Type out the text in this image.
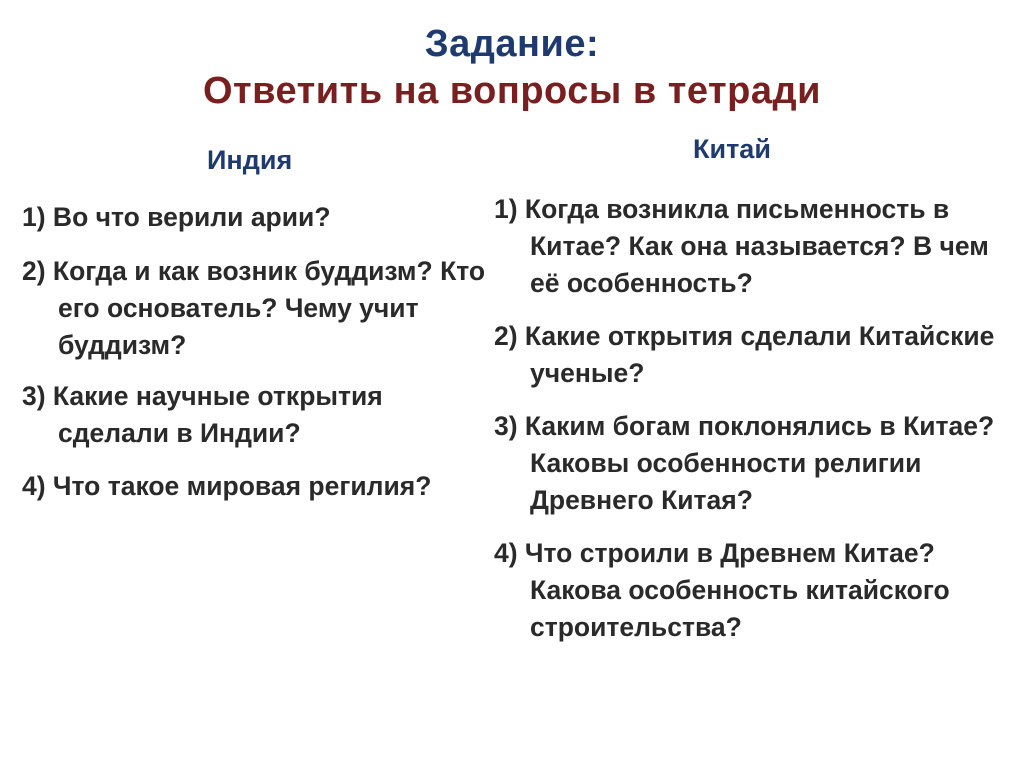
Задание:
Ответить на вопросы в тетради
Индия
1) Во что верили арии?
2) Когда и как возник буддизм? Кто его основатель? Чему учит буддизм?
3) Какие научные открытия сделали в Индии?
4) Что такое мировая регилия?
Китай
1) Когда возникла письменность в Китае? Как она называется? В чем её особенность?
2) Какие открытия сделали Китайские ученые?
3) Каким богам поклонялись в Китае? Каковы особенности религии Древнего Китая?
4) Что строили в Древнем Китае? Какова особенность китайского строительства?
